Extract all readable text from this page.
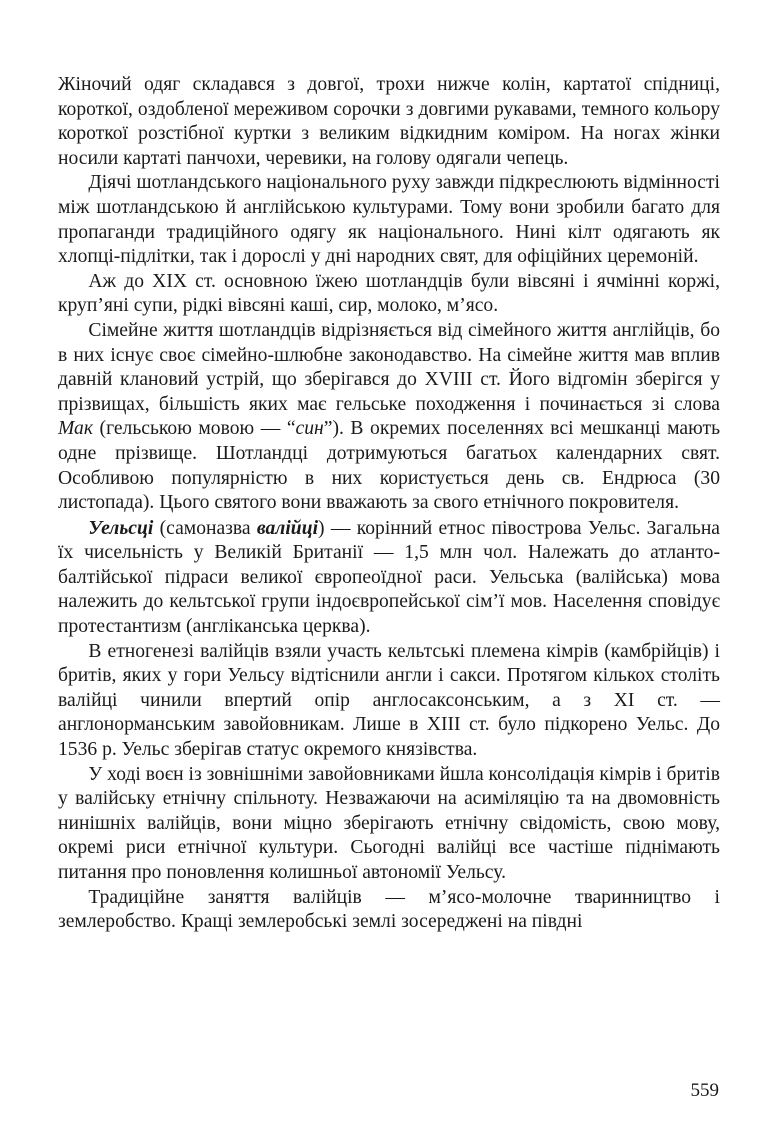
Жіночий одяг складався з довгої, трохи нижче колін, картатої спідниці, короткої, оздобленої мереживом сорочки з довгими рукавами, темного кольору короткої розстібної куртки з великим відкидним коміром. На ногах жінки носили картаті панчохи, черевики, на голову одягали чепець.

Діячі шотландського національного руху завжди підкреслюють відмінності між шотландською й англійською культурами. Тому вони зробили багато для пропаганди традиційного одягу як національного. Нині кілт одягають як хлопці-підлітки, так і дорослі у дні народних свят, для офіційних церемоній.

Аж до XIX ст. основною їжею шотландців були вівсяні і ячмінні коржі, круп’яні супи, рідкі вівсяні каші, сир, молоко, м’ясо.

Сімейне життя шотландців відрізняється від сімейного життя англійців, бо в них існує своє сімейно-шлюбне законодавство. На сімейне життя мав вплив давній клановий устрій, що зберігався до XVIII ст. Його відгомін зберігся у прізвищах, більшість яких має гельське походження і починається зі слова Мак (гельською мовою — “син”). В окремих поселеннях всі мешканці мають одне прізвище. Шотландці дотримуються багатьох календарних свят. Особливою популярністю в них користується день св. Ендрюса (30 листопада). Цього святого вони вважають за свого етнічного покровителя.

Уельсці (самоназва валійці) — корінний етнос півострова Уельс. Загальна їх чисельність у Великій Британії — 1,5 млн чол. Належать до атланто-балтійської підраси великої європеоїдної раси. Уельська (валійська) мова належить до кельтської групи індоєвропейської сім’ї мов. Населення сповідує протестантизм (англіканська церква).

В етногенезі валійців взяли участь кельтські племена кімрів (камбрійців) і бритів, яких у гори Уельсу відтіснили англи і сакси. Протягом кількох століть валійці чинили впертий опір англосаксонським, а з XI ст. — англонорманським завойовникам. Лише в XIII ст. було підкорено Уельс. До 1536 р. Уельс зберігав статус окремого князівства.

У ході воєн із зовнішніми завойовниками йшла консолідація кімрів і бритів у валійську етнічну спільноту. Незважаючи на асиміляцію та на двомовність нинішніх валійців, вони міцно зберігають етнічну свідомість, свою мову, окремі риси етнічної культури. Сьогодні валійці все частіше піднімають питання про поновлення колишньої автономії Уельсу.

Традиційне заняття валійців — м’ясо-молочне тваринництво і землеробство. Кращі землеробські землі зосереджені на півдні

559
